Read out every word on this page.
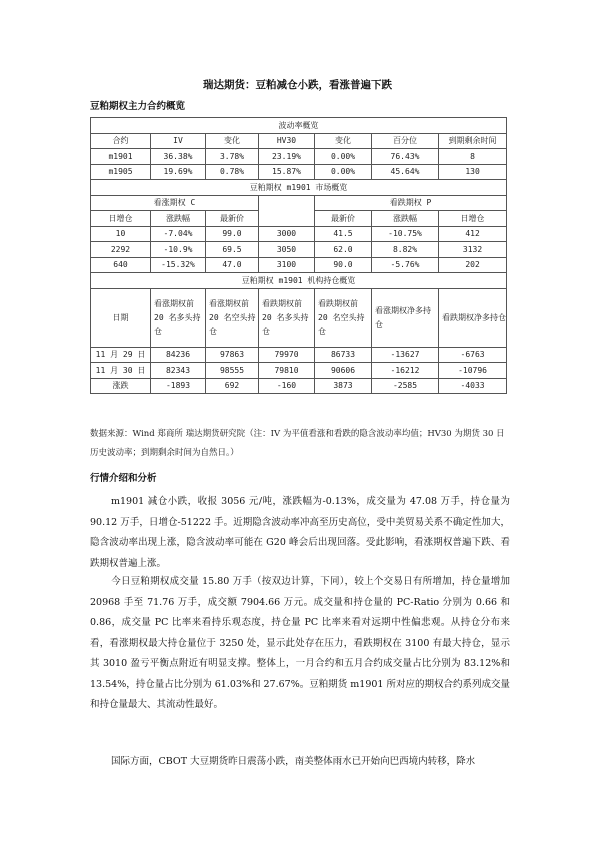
瑞达期货：豆粕减仓小跌，看涨普遍下跌
豆粕期权主力合约概览
波动率概览						
合约	IV	变化	HV30	变化	百分位	到期剩余时间
m1901	36.38%	3.78%	23.19%	0.00%	76.43%	8
m1905	19.69%	0.78%	15.87%	0.00%	45.64%	130
豆粕期权 m1901 市场概览						
看涨期权 C				看跌期权 P		
日增仓	涨跌幅	最新价		最新价	涨跌幅	日增仓
10	-7.04%	99.0	3000	41.5	-10.75%	412
2292	-10.9%	69.5	3050	62.0	8.82%	3132
640	-15.32%	47.0	3100	90.0	-5.76%	202
豆粕期权 m1901 机构持仓概览						
日期	看涨期权前 20 名多头持仓	看涨期权前 20 名空头持仓	看跌期权前 20 名多头持仓	看跌期权前 20 名空头持仓	看涨期权净多持仓	看跌期权净多持仓
11 月 29 日	84236	97863	79970	86733	-13627	-6763
11 月 30 日	82343	98555	79810	90606	-16212	-10796
涨跌	-1893	692	-160	3873	-2585	-4033
数据来源：Wind 郑商所 瑞达期货研究院（注：IV 为平值看涨和看跌的隐含波动率均值；HV30 为期货 30 日历史波动率；到期剩余时间为自然日。）
行情介绍和分析
m1901 减仓小跌，收报 3056 元/吨，涨跌幅为-0.13%，成交量为 47.08 万手，持仓量为 90.12 万手，日增仓-51222 手。近期隐含波动率冲高至历史高位，受中美贸易关系不确定性加大，隐含波动率出现上涨，隐含波动率可能在 G20 峰会后出现回落。受此影响，看涨期权普遍下跌、看跌期权普遍上涨。
今日豆粕期权成交量 15.80 万手（按双边计算，下同），较上个交易日有所增加，持仓量增加 20968 手至 71.76 万手，成交额 7904.66 万元。成交量和持仓量的 PC-Ratio 分别为 0.66 和 0.86，成交量 PC 比率来看持乐观态度，持仓量 PC 比率来看对远期中性偏悲观。从持仓分布来看，看涨期权最大持仓量位于 3250 处，显示此处存在压力，看跌期权在 3100 有最大持仓，显示其 3010 盈亏平衡点附近有明显支撑。整体上，一月合约和五月合约成交量占比分别为 83.12%和 13.54%，持仓量占比分别为 61.03%和 27.67%。豆粕期货 m1901 所对应的期权合约系列成交量和持仓量最大、其流动性最好。
国际方面，CBOT 大豆期货昨日震荡小跌，南美整体雨水已开始向巴西境内转移，降水
